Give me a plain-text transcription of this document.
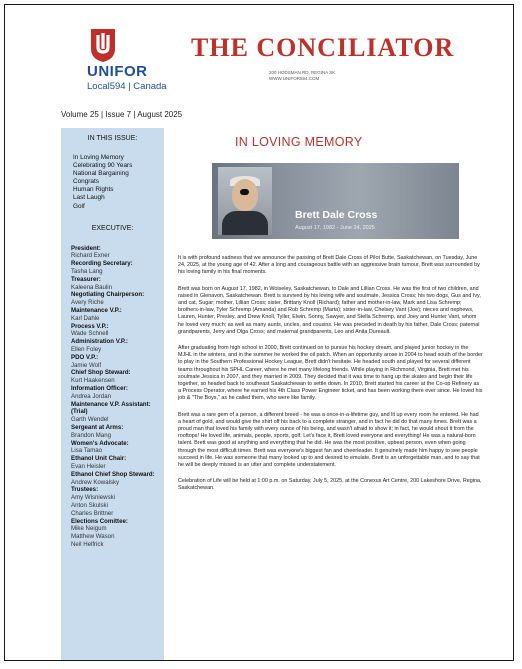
UNIFOR
Local594 | Canada
THE CONCILIATOR
200 HODSMAN RD, REGINA SK
WWW.UNIFOR594.COM
Volume 25 | Issue 7 | August 2025
IN THIS ISSUE:
In Loving Memory
Celebrating 90 Years
National Bargaining
Congrats
Human Rights
Last Laugh
Golf
EXECUTIVE:
President:
Richard Exner
Recording Secretary:
Tasha Lang
Treasurer:
Kaleena Baulin
Negotiating Chairperson:
Avery Riche
Maintenance V.P.:
Karl Dahle
Process V.P.:
Wade Schnell
Administration V.P.:
Ellen Foley
PDO V.P.:
Jamie Wolf
Chief Shop Steward:
Kurt Haakensen
Information Officer:
Andrea Jordan
Maintenance V.P. Assistant: (Trial)
Garth Wendel
Sergeant at Arms:
Brandon Mang
Women's Advocate:
Lisa Tamao
Ethanol Unit Chair:
Evan Heisler
Ethanol Chief Shop Steward:
Andrew Kowalsky
Trustees:
Amy Wisniewski
Anton Skulski
Charles Brittner
Elections Comittee:
Mike Neigum
Matthew Wason
Neil Helfrick
IN LOVING MEMORY
Brett Dale Cross
August 17, 1982 - June 24, 2025

It is with profound sadness that we announce the passing of Brett Dale Cross of Pilot Butte, Saskatchewan, on Tuesday, June 24, 2025, at the young age of 42. After a long and courageous battle with an aggressive brain tumour, Brett was surrounded by his loving family in his final moments.

Brett was born on August 17, 1982, in Wolseley, Saskatchewan, to Dale and Lillian Cross. He was the first of two children, and raised in Glenavon, Saskatchewan. Brett is survived by his loving wife and soulmate, Jessica Cross; his two dogs, Gus and Ivy, and cat, Sugar; mother, Lillian Cross; sister, Brittany Knoll (Richard); father and mother-in-law, Mark and Lisa Schremp; brothers-in-law, Tyler Schremp (Amanda) and Rob Schremp (Marta); sister-in-law, Chelsey Vant (Joe); nieces and nephews, Lauren, Hunter, Presley, and Drew Knoll, Tyller, Elwin, Sonny, Sawyer, and Stella Schremp, and Joey and Hunter Vant, whom he loved very much; as well as many aunts, uncles, and cousins. He was preceded in death by his father, Dale Cross; paternal grandparents, Jerry and Olga Cross; and maternal grandparents, Leo and Anita Dureault.

After graduating from high school in 2000, Brett continued on to pursue his hockey dream, and played junior hockey in the MJHL in the winters, and in the summer he worked the oil patch. When an opportunity arose in 2004 to head south of the border to play in the Southern Professional Hockey League, Brett didn't hesitate. He headed south and played for several different teams throughout his SPHL Career, where he met many lifelong friends. While playing in Richmond, Virginia, Brett met his soulmate Jessica in 2007, and they married in 2009. They decided that it was time to hang up the skates and begin their life together, so headed back to southeast Saskatchewan to settle down. In 2010, Brett started his career at the Co-op Refinery as a Process Operator, where he earned his 4th Class Power Engineer ticket, and has been working there ever since. He loved his job & "The Boys," as he called them, who were like family.

Brett was a rare gem of a person, a different breed - he was a once-in-a-lifetime guy, and lit up every room he entered. He had a heart of gold, and would give the shirt off his back to a complete stranger, and in fact he did do that many times. Brett was a proud man that loved his family with every ounce of his being, and wasn't afraid to show it; in fact, he would shout it from the rooftops! He loved life, animals, people, sports, golf. Let's face it, Brett loved everyone and everything! He was a natural-born talent. Brett was good at anything and everything that he did. He was the most positive, upbeat person, even when going through the most difficult times. Brett was everyone's biggest fan and cheerleader. It genuinely made him happy to see people succeed in life. He was someone that many looked up to and desired to emulate. Brett is an unforgettable man, and to say that he will be deeply missed is an utter and complete understatement.

Celebration of Life will be held at 1:00 p.m. on Saturday, July 5, 2025, at the Conexus Art Centre, 200 Lakeshore Drive, Regina, Saskatchewan.
